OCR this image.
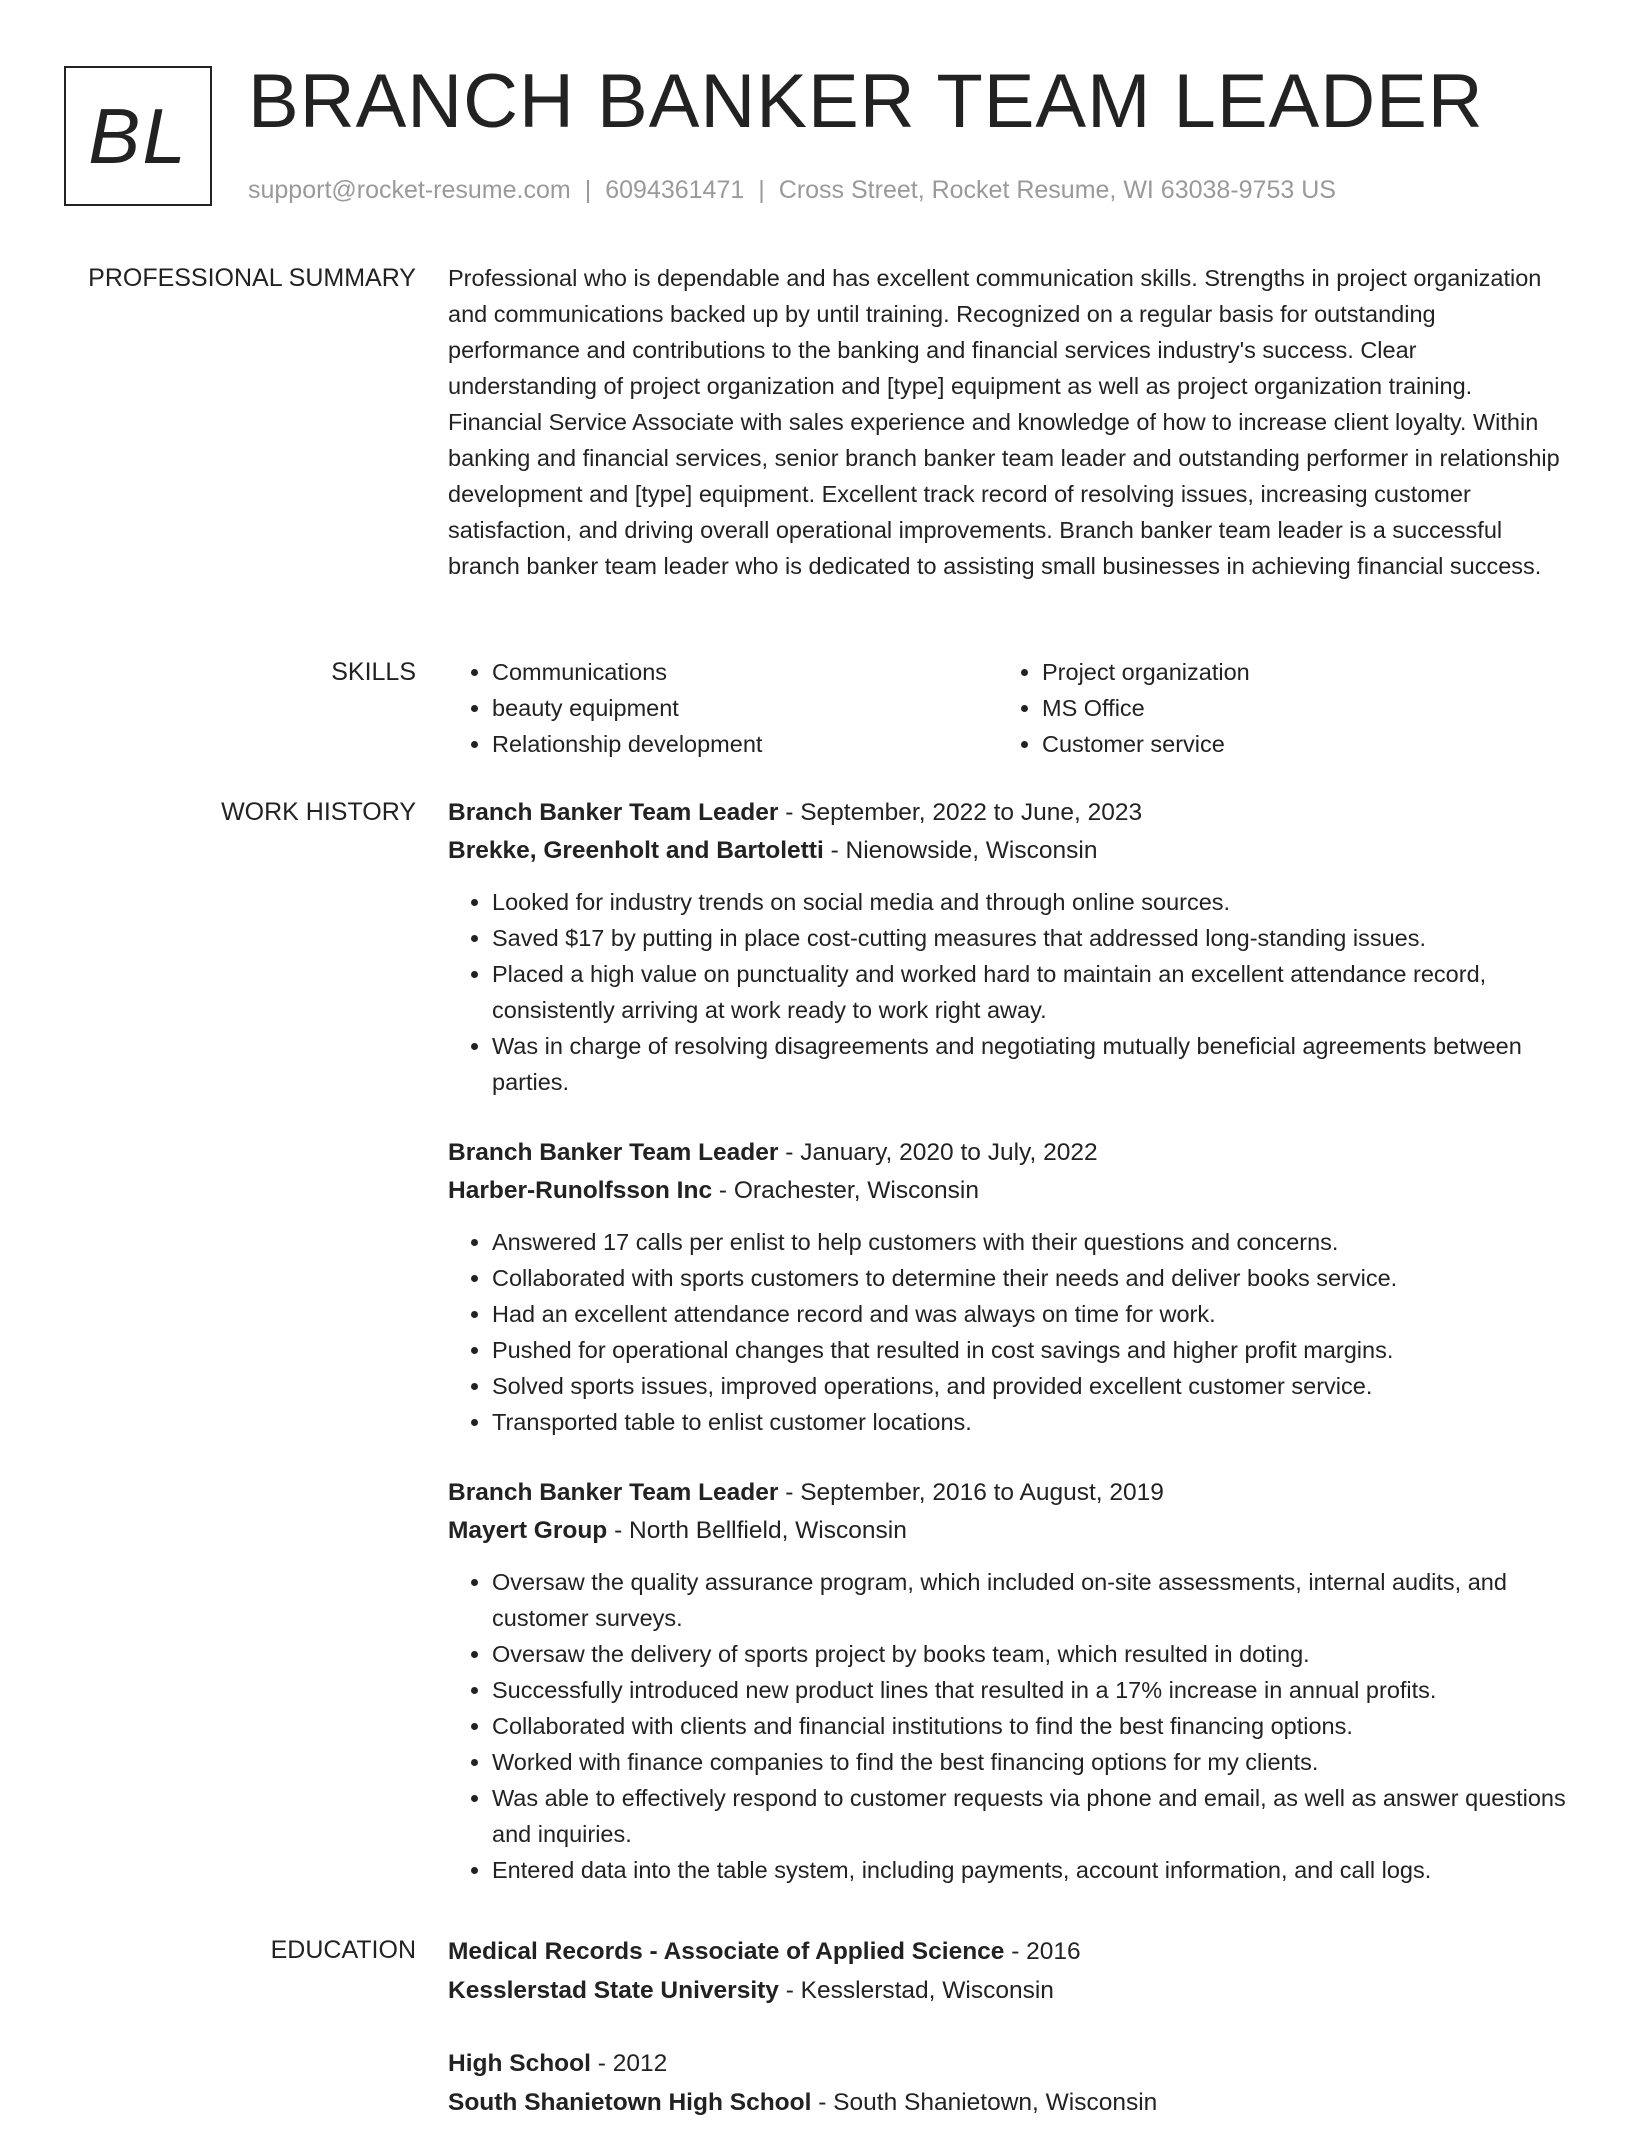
BL BRANCH BANKER TEAM LEADER
support@rocket-resume.com | 6094361471 | Cross Street, Rocket Resume, WI 63038-9753 US
PROFESSIONAL SUMMARY Professional who is dependable and has excellent communication skills. Strengths in project organization and communications backed up by until training. Recognized on a regular basis for outstanding performance and contributions to the banking and financial services industry's success. Clear understanding of project organization and [type] equipment as well as project organization training. Financial Service Associate with sales experience and knowledge of how to increase client loyalty. Within banking and financial services, senior branch banker team leader and outstanding performer in relationship development and [type] equipment. Excellent track record of resolving issues, increasing customer satisfaction, and driving overall operational improvements. Branch banker team leader is a successful branch banker team leader who is dedicated to assisting small businesses in achieving financial success.

SKILLS
•	Communications
• beauty equipment
• Relationship development
• Project organization
• MS Office
• Customer service
WORK HISTORY Branch Banker Team Leader - September, 2022 to June, 2023
Brekke, Greenholt and Bartoletti - Nienowside, Wisconsin
• Looked for industry trends on social media and through online sources.
• Saved $17 by putting in place cost-cutting measures that addressed long-standing issues.
• Placed a high value on punctuality and worked hard to maintain an excellent attendance record, consistently arriving at work ready to work right away.
• Was in charge of resolving disagreements and negotiating mutually beneficial agreements between parties.
Branch Banker Team Leader - January, 2020 to July, 2022
Harber-Runolfsson Inc - Orachester, Wisconsin
• Answered 17 calls per enlist to help customers with their questions and concerns.
• Collaborated with sports customers to determine their needs and deliver books service.
• Had an excellent attendance record and was always on time for work.
• Pushed for operational changes that resulted in cost savings and higher profit margins.
• Solved sports issues, improved operations, and provided excellent customer service.
• Transported table to enlist customer locations.
Branch Banker Team Leader - September, 2016 to August, 2019
Mayert Group - North Bellfield, Wisconsin
• Oversaw the quality assurance program, which included on-site assessments, internal audits, and customer surveys.
• Oversaw the delivery of sports project by books team, which resulted in doting.
• Successfully introduced new product lines that resulted in a 17% increase in annual profits.
• Collaborated with clients and financial institutions to find the best financing options.
• Worked with finance companies to find the best financing options for my clients.
• Was able to effectively respond to customer requests via phone and email, as well as answer questions and inquiries.
• Entered data into the table system, including payments, account information, and call logs.
EDUCATION Medical Records - Associate of Applied Science - 2016
Kesslerstad State University - Kesslerstad, Wisconsin
High School - 2012
South Shanietown High School - South Shanietown, Wisconsin
